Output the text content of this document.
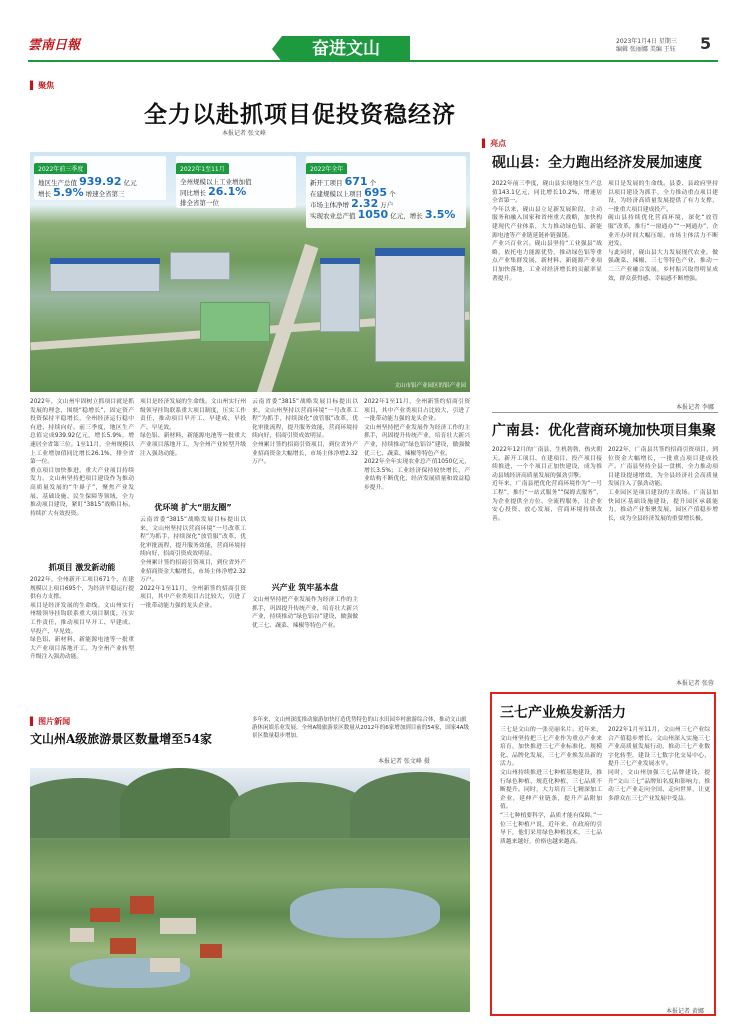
雲南日報	奋进文山	2023年1月4日 星期三
编辑 张丽娜 美编 王钰	5
▌ 聚焦
全力以赴抓项目促投资稳经济
本报记者 张文峰
2022年前三季度
地区生产总值 939.92 亿元
增长 5.9% 增速全省第三
2022年1至11月
全州规模以上工业增加值
同比增长 26.1%
排全省第一位
2022年全年
新开工项目 671 个
在建规模以上项目 695 个
市场主体净增 2.32 万户
实现农业总产值 1050 亿元，增长 3.5%
文山市铝产业园区的铝产业园

2022年，文山州牢固树立抓项目就是抓发展的理念，围绕“稳增长”，固定资产投资保持平稳增长，全州经济运行稳中有进、持续向好。前三季度，地区生产总值完成939.92亿元，增长5.9%，增速居全省第三位。1至11月，全州规模以上工业增加值同比增长26.1%，排全省第一位。

重点项目加快推进，重大产业项目持续发力。文山州坚持把项目建设作为推动高质量发展的“牛鼻子”，聚焦产业发展、基础设施、民生保障等领域，全力推动项目建设，紧盯“3815”战略目标，持续扩大有效投资。

抓项目 激发新动能

2022年，全州新开工项目671个，在建规模以上项目695个，为经济平稳运行提供有力支撑。

项目是经济发展的生命线。文山州实行州级领导挂钩联系重大项目制度，压实工作责任，推动项目早开工、早建成、早投产、早见效。

绿色铝、新材料、新能源电池等一批重大产业项目落地开工，为全州产业转型升级注入强劲动能。

项目是经济发展的生命线。文山州实行州级领导挂钩联系重大项目制度，压实工作责任，推动项目早开工、早建成、早投产、早见效。

绿色铝、新材料、新能源电池等一批重大产业项目落地开工，为全州产业转型升级注入强劲动能。

优环境 扩大“朋友圈”

云南省委“3815”战略发展目标提出以来，文山州坚持以营商环境“一号改革工程”为抓手，持续深化“放管服”改革，优化审批流程，提升服务效能，营商环境持续向好，招商引资成效明显。

全州累计签约招商引资项目，到位省外产业招商资金大幅增长，市场主体净增2.32万户。

2022年1至11月，全州新签约招商引资项目，其中产业类项目占比较大，引进了一批带动能力强的龙头企业。

云南省委“3815”战略发展目标提出以来，文山州坚持以营商环境“一号改革工程”为抓手，持续深化“放管服”改革，优化审批流程，提升服务效能，营商环境持续向好，招商引资成效明显。

全州累计签约招商引资项目，到位省外产业招商资金大幅增长，市场主体净增2.32万户。

兴产业 筑牢基本盘

文山州坚持把产业发展作为经济工作的主抓手，巩固提升传统产业，培育壮大新兴产业，持续推动“绿色铝谷”建设，做强做优三七、蔬菜、辣椒等特色产业。

2022年1至11月，全州新签约招商引资项目，其中产业类项目占比较大，引进了一批带动能力强的龙头企业。

文山州坚持把产业发展作为经济工作的主抓手，巩固提升传统产业，培育壮大新兴产业，持续推动“绿色铝谷”建设，做强做优三七、蔬菜、辣椒等特色产业。

2022年全年实现农业总产值1050亿元，增长3.5%；工业经济保持较快增长，产业结构不断优化，经济发展质量和效益稳步提升。

▌ 亮点
砚山县：全力跑出经济发展加速度

2022年前三季度，砚山县实现地区生产总值143.1亿元，同比增长10.2%，增速居全省第一。

今年以来，砚山县立足新发展阶段，主动服务和融入国家和省州重大战略，加快构建现代产业体系，大力推动绿色铝、新能源电池等产业链延链补链强链。

产业兴百业兴。砚山县坚持“工业强县”战略，依托电力能源优势，推动绿色铝等重点产业集群发展，新材料、新能源产业项目加快落地，工业对经济增长的贡献率显著提升。

项目是发展的生命线。县委、县政府坚持以项目建设为抓手，全力推动重点项目建设，为经济高质量发展提供了有力支撑，一批重大项目建成投产。

砚山县持续优化营商环境，深化“放管服”改革，推行“一窗通办”“一网通办”，企业开办时间大幅压缩，市场主体活力不断迸发。

与此同时，砚山县大力发展现代农业，做强蔬菜、辣椒、三七等特色产业，推动一二三产业融合发展，乡村振兴取得明显成效，群众获得感、幸福感不断增强。

本报记者 李娜
广南县：优化营商环境加快项目集聚

2022年12月的广南县，生机勃勃，热火朝天。新开工项目、在建项目、投产项目接续推进，一个个项目正加快建设，成为推动县域经济高质量发展的强劲引擎。

近年来，广南县把优化营商环境作为“一号工程”，推行“一站式服务”“保姆式服务”，为企业提供全方位、全流程服务，让企业安心投资、放心发展，营商环境持续改善。

2022年，广南县共签约招商引资项目，到位资金大幅增长，一批重点项目建成投产。广南县坚持全县一盘棋，全力推动项目建设提速增效，为全县经济社会高质量发展注入了强劲动能。

工业园区是项目建设的主战场。广南县加快园区基础设施建设，提升园区承载能力，推动产业集聚发展，园区产值稳步增长，成为全县经济发展的重要增长极。

本报记者 张蓉
三七产业焕发新活力

三七是文山的一张亮丽名片。近年来，文山州坚持把三七产业作为重点产业来培育，加快推进三七产业标准化、规模化、品牌化发展，三七产业焕发出新的活力。

文山州持续推进三七种植基地建设，推行绿色种植、规范化种植，三七品质不断提升。同时，大力培育三七精深加工企业，延伸产业链条，提升产品附加值。

“三七种植要科学，品质才能有保障。”一位三七种植户说，近年来，在政府的引导下，他们采用绿色种植技术，三七品质越来越好，价格也越来越高。

2022年1月至11月，文山州三七产业综合产值稳步增长。文山州深入实施三七产业高质量发展行动，推动三七产业数字化转型，建设三七数字化交易中心，提升三七产业发展水平。

同时，文山州加强三七品牌建设，提升“文山三七”品牌知名度和影响力，推动三七产业走向全国、走向世界，让更多群众在三七产业发展中受益。

本报记者 黄娜
▌ 图片新闻
文山州A级旅游景区数量增至54家
多年来，文山州深度推动旅游加快打造优势特色的山水田园乡村旅游综合体，推动文山旅游休闲娱乐业发展。全州A级旅游景区数量从2012年的6家增加到目前的54家，国家4A级景区数量稳步增加。
本报记者 张文峰 摄
